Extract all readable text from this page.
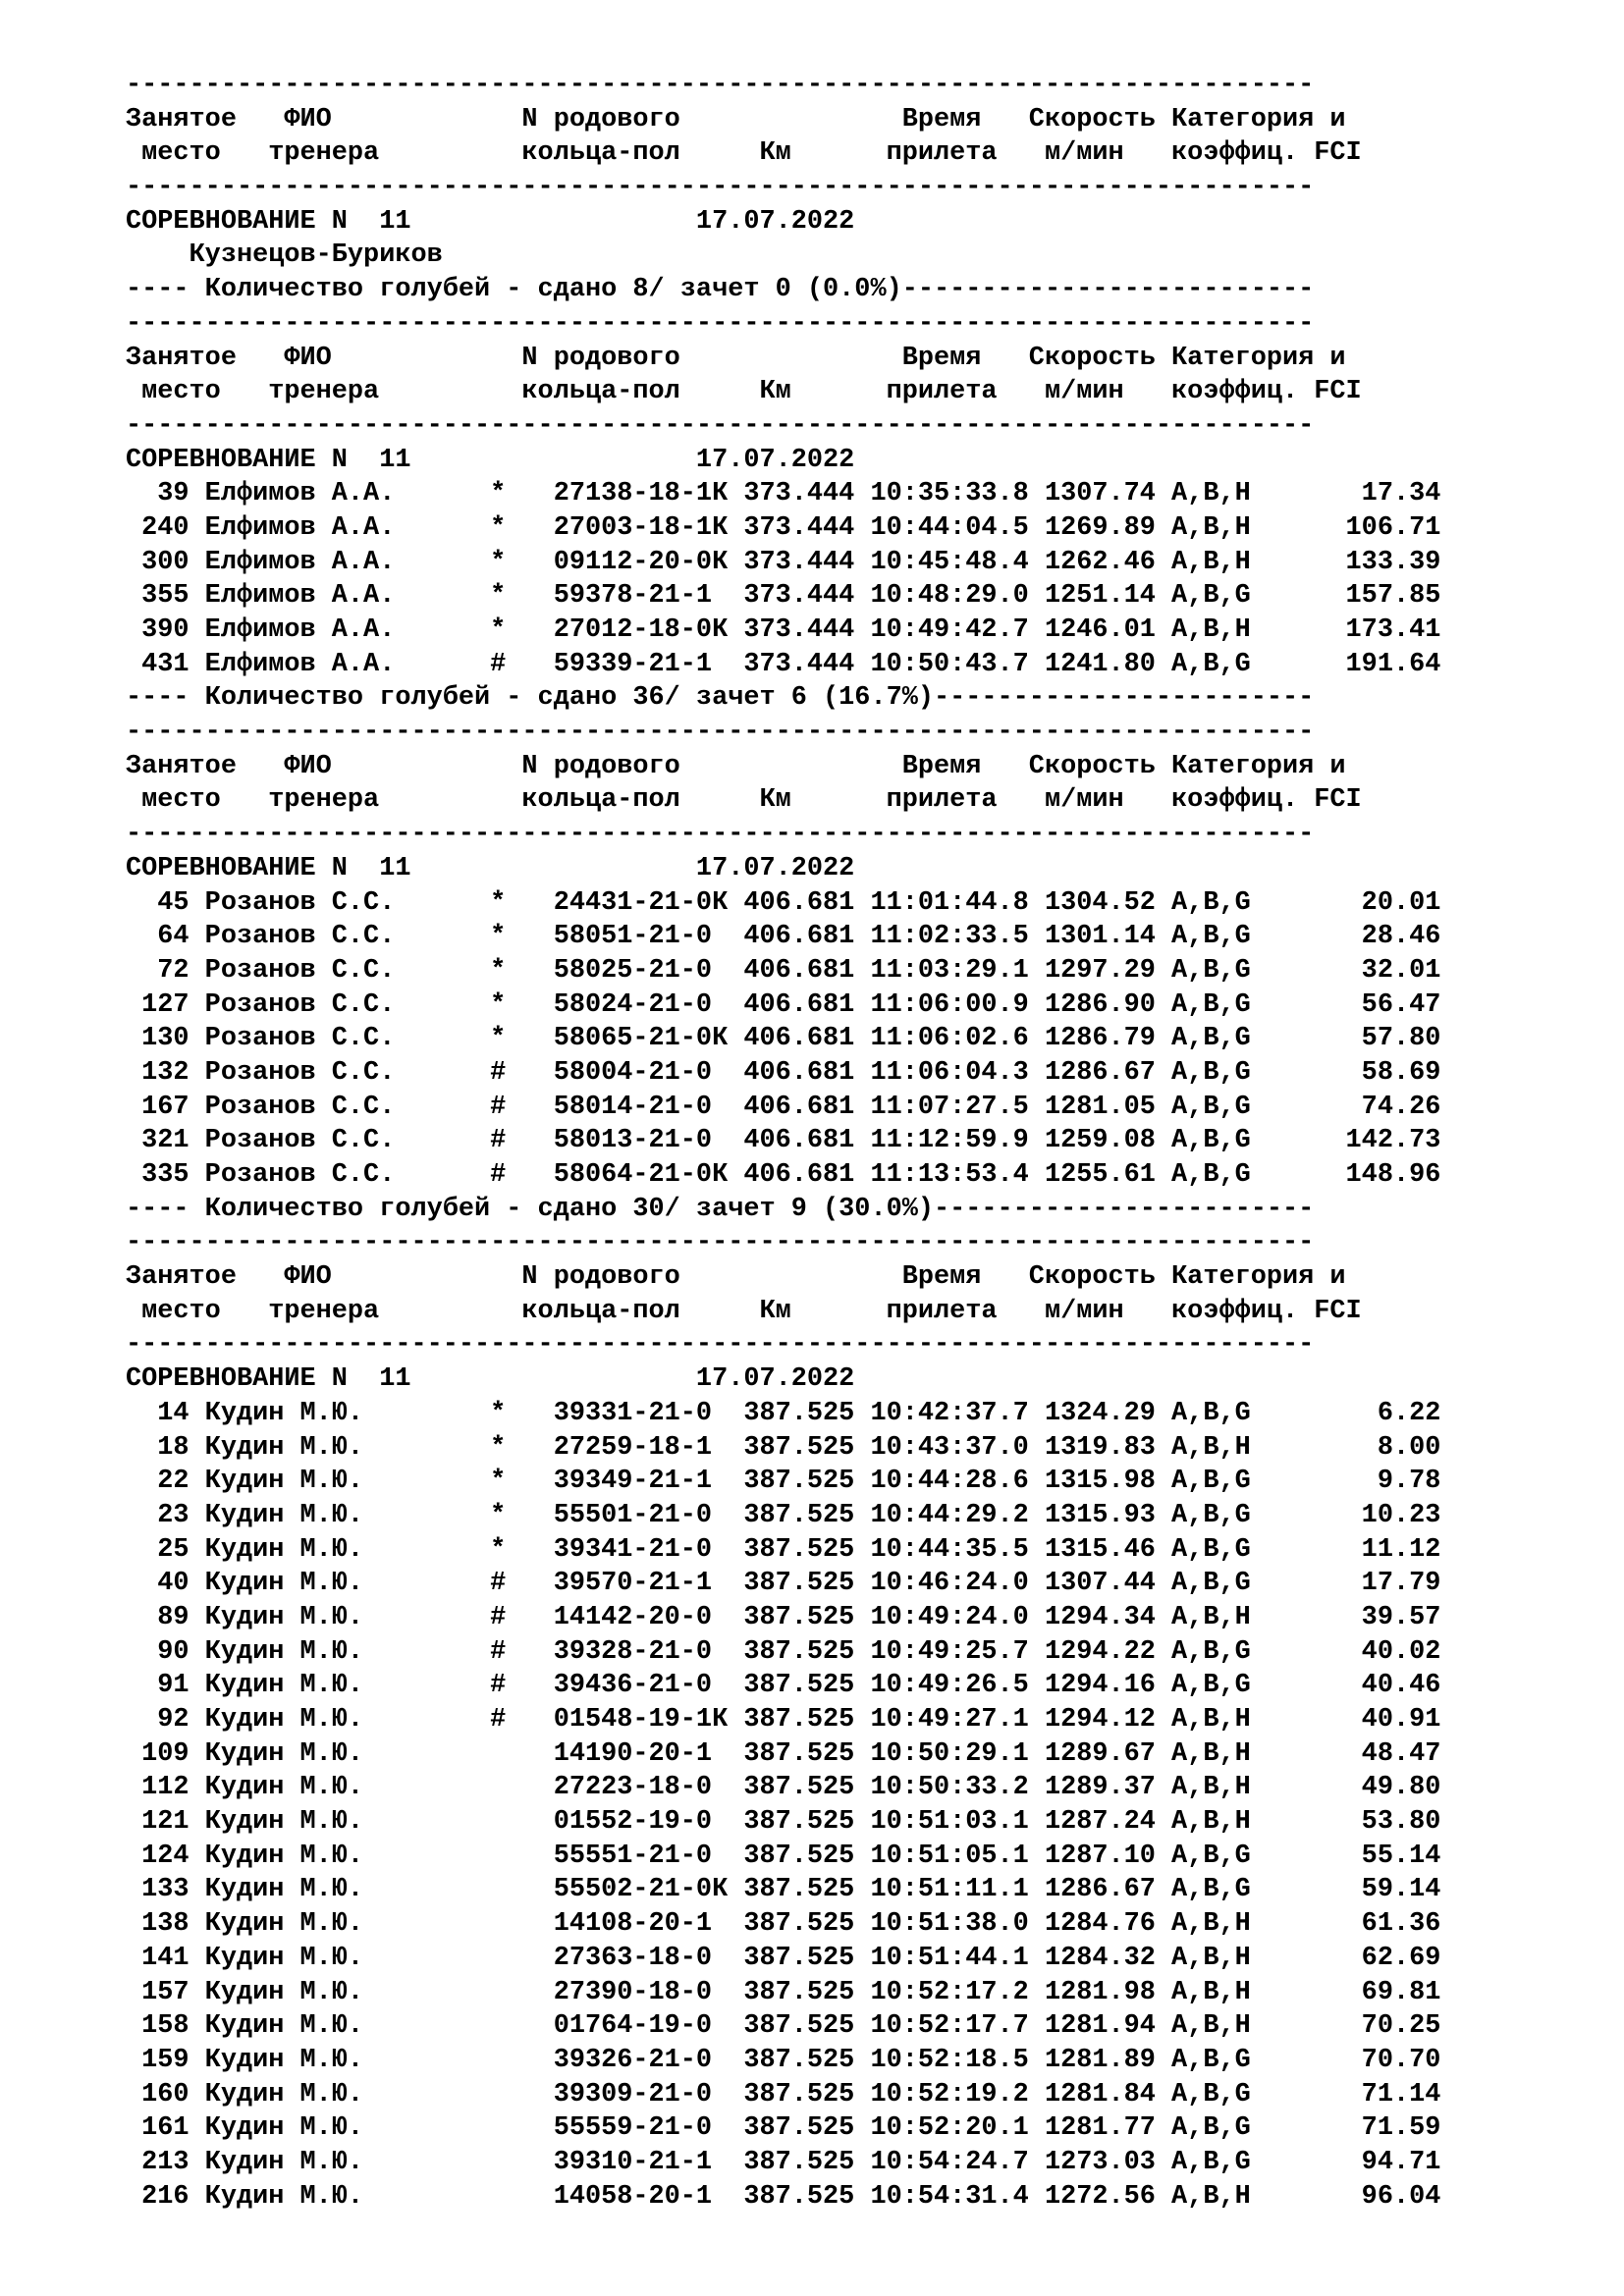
---------------------------------------------------------------------------
Занятое   ФИО            N родового              Время   Скорость Категория и
место   тренера         кольца-пол     Км      прилета   м/мин   коэффиц. FCI
---------------------------------------------------------------------------
СОРЕВНОВАНИЕ N  11                  17.07.2022
Кузнецов-Буриков
---- Количество голубей - сдано 8/ зачет 0 (0.0%)--------------------------
---------------------------------------------------------------------------
Занятое   ФИО            N родового              Время   Скорость Категория и
место   тренера         кольца-пол     Км      прилета   м/мин   коэффиц. FCI
---------------------------------------------------------------------------
СОРЕВНОВАНИЕ N  11                  17.07.2022
39 Елфимов А.А.      *   27138-18-1К 373.444 10:35:33.8 1307.74 A,B,H       17.34
240 Елфимов А.А.      *   27003-18-1К 373.444 10:44:04.5 1269.89 A,B,H      106.71
300 Елфимов А.А.      *   09112-20-0К 373.444 10:45:48.4 1262.46 A,B,H      133.39
355 Елфимов А.А.      *   59378-21-1  373.444 10:48:29.0 1251.14 A,B,G      157.85
390 Елфимов А.А.      *   27012-18-0К 373.444 10:49:42.7 1246.01 A,B,H      173.41
431 Елфимов А.А.      #   59339-21-1  373.444 10:50:43.7 1241.80 A,B,G      191.64
---- Количество голубей - сдано 36/ зачет 6 (16.7%)------------------------
---------------------------------------------------------------------------
Занятое   ФИО            N родового              Время   Скорость Категория и
место   тренера         кольца-пол     Км      прилета   м/мин   коэффиц. FCI
---------------------------------------------------------------------------
СОРЕВНОВАНИЕ N  11                  17.07.2022
45 Розанов С.С.      *   24431-21-0К 406.681 11:01:44.8 1304.52 A,B,G       20.01
64 Розанов С.С.      *   58051-21-0  406.681 11:02:33.5 1301.14 A,B,G       28.46
72 Розанов С.С.      *   58025-21-0  406.681 11:03:29.1 1297.29 A,B,G       32.01
127 Розанов С.С.      *   58024-21-0  406.681 11:06:00.9 1286.90 A,B,G       56.47
130 Розанов С.С.      *   58065-21-0К 406.681 11:06:02.6 1286.79 A,B,G       57.80
132 Розанов С.С.      #   58004-21-0  406.681 11:06:04.3 1286.67 A,B,G       58.69
167 Розанов С.С.      #   58014-21-0  406.681 11:07:27.5 1281.05 A,B,G       74.26
321 Розанов С.С.      #   58013-21-0  406.681 11:12:59.9 1259.08 A,B,G      142.73
335 Розанов С.С.      #   58064-21-0К 406.681 11:13:53.4 1255.61 A,B,G      148.96
---- Количество голубей - сдано 30/ зачет 9 (30.0%)------------------------
---------------------------------------------------------------------------
Занятое   ФИО            N родового              Время   Скорость Категория и
место   тренера         кольца-пол     Км      прилета   м/мин   коэффиц. FCI
---------------------------------------------------------------------------
СОРЕВНОВАНИЕ N  11                  17.07.2022
14 Кудин М.Ю.        *   39331-21-0  387.525 10:42:37.7 1324.29 A,B,G        6.22
18 Кудин М.Ю.        *   27259-18-1  387.525 10:43:37.0 1319.83 A,B,H        8.00
22 Кудин М.Ю.        *   39349-21-1  387.525 10:44:28.6 1315.98 A,B,G        9.78
23 Кудин М.Ю.        *   55501-21-0  387.525 10:44:29.2 1315.93 A,B,G       10.23
25 Кудин М.Ю.        *   39341-21-0  387.525 10:44:35.5 1315.46 A,B,G       11.12
40 Кудин М.Ю.        #   39570-21-1  387.525 10:46:24.0 1307.44 A,B,G       17.79
89 Кудин М.Ю.        #   14142-20-0  387.525 10:49:24.0 1294.34 A,B,H       39.57
90 Кудин М.Ю.        #   39328-21-0  387.525 10:49:25.7 1294.22 A,B,G       40.02
91 Кудин М.Ю.        #   39436-21-0  387.525 10:49:26.5 1294.16 A,B,G       40.46
92 Кудин М.Ю.        #   01548-19-1К 387.525 10:49:27.1 1294.12 A,B,H       40.91
109 Кудин М.Ю.            14190-20-1  387.525 10:50:29.1 1289.67 A,B,H       48.47
112 Кудин М.Ю.            27223-18-0  387.525 10:50:33.2 1289.37 A,B,H       49.80
121 Кудин М.Ю.            01552-19-0  387.525 10:51:03.1 1287.24 A,B,H       53.80
124 Кудин М.Ю.            55551-21-0  387.525 10:51:05.1 1287.10 A,B,G       55.14
133 Кудин М.Ю.            55502-21-0К 387.525 10:51:11.1 1286.67 A,B,G       59.14
138 Кудин М.Ю.            14108-20-1  387.525 10:51:38.0 1284.76 A,B,H       61.36
141 Кудин М.Ю.            27363-18-0  387.525 10:51:44.1 1284.32 A,B,H       62.69
157 Кудин М.Ю.            27390-18-0  387.525 10:52:17.2 1281.98 A,B,H       69.81
158 Кудин М.Ю.            01764-19-0  387.525 10:52:17.7 1281.94 A,B,H       70.25
159 Кудин М.Ю.            39326-21-0  387.525 10:52:18.5 1281.89 A,B,G       70.70
160 Кудин М.Ю.            39309-21-0  387.525 10:52:19.2 1281.84 A,B,G       71.14
161 Кудин М.Ю.            55559-21-0  387.525 10:52:20.1 1281.77 A,B,G       71.59
213 Кудин М.Ю.            39310-21-1  387.525 10:54:24.7 1273.03 A,B,G       94.71
216 Кудин М.Ю.            14058-20-1  387.525 10:54:31.4 1272.56 A,B,H       96.04
